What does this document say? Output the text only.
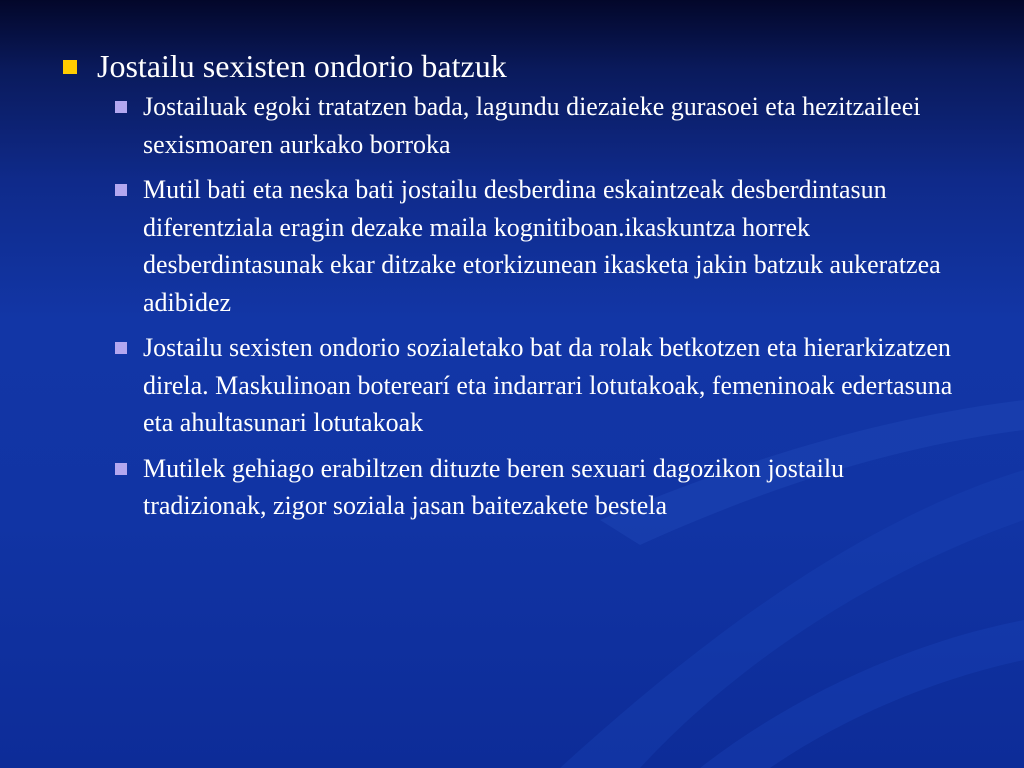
Jostailu sexisten ondorio batzuk
Jostailuak egoki tratatzen bada, lagundu diezaieke gurasoei eta hezitzaileei sexismoaren aurkako borroka
Mutil bati eta neska bati jostailu desberdina eskaintzeak desberdintasun diferentziala eragin dezake maila kognitiboan.ikaskuntza horrek desberdintasunak ekar ditzake etorkizunean ikasketa jakin batzuk aukeratzea adibidez
Jostailu sexisten ondorio sozialetako bat da rolak betkotzen eta hierarkizatzen direla. Maskulinoan boterearí eta indarrari lotutakoak, femeninoak edertasuna eta ahultasunari lotutakoak
Mutilek gehiago erabiltzen dituzte beren sexuari dagozikon jostailu tradizionak, zigor soziala jasan baitezakete bestela
